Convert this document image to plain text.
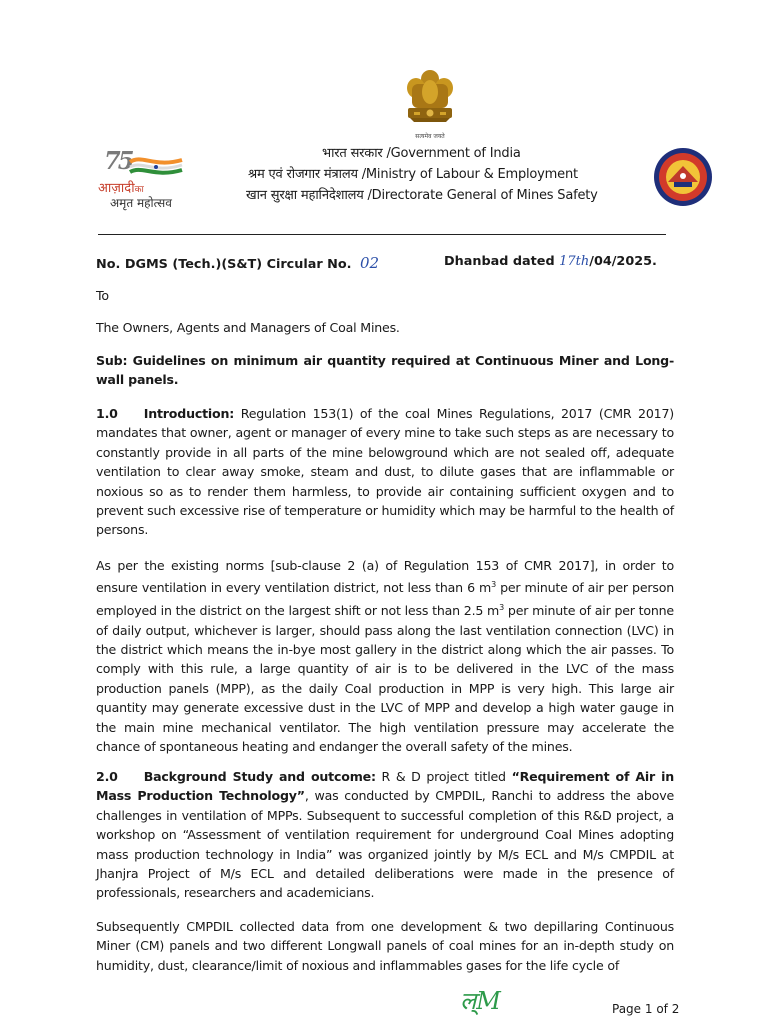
सत्यमेव जयते
75
आज़ादीका
अमृत महोत्सव
भारत सरकार /Government of India
श्रम एवं रोजगार मंत्रालय /Ministry of Labour & Employment
खान सुरक्षा महानिदेशालय /Directorate General of Mines Safety
No. DGMS (Tech.)(S&T) Circular No. 02	Dhanbad dated 17th/04/2025.
To
The Owners, Agents and Managers of Coal Mines.
Sub: Guidelines on minimum air quantity required at Continuous Miner and Long-wall panels.
1.0 Introduction: Regulation 153(1) of the coal Mines Regulations, 2017 (CMR 2017) mandates that owner, agent or manager of every mine to take such steps as are necessary to constantly provide in all parts of the mine belowground which are not sealed off, adequate ventilation to clear away smoke, steam and dust, to dilute gases that are inflammable or noxious so as to render them harmless, to provide air containing sufficient oxygen and to prevent such excessive rise of temperature or humidity which may be harmful to the health of persons.
As per the existing norms [sub-clause 2 (a) of Regulation 153 of CMR 2017], in order to ensure ventilation in every ventilation district, not less than 6 $m^3$ per minute of air per person employed in the district on the largest shift or not less than 2.5 $m^3$ per minute of air per tonne of daily output, whichever is larger, should pass along the last ventilation connection (LVC) in the district which means the in-bye most gallery in the district along which the air passes. To comply with this rule, a large quantity of air is to be delivered in the LVC of the mass production panels (MPP), as the daily Coal production in MPP is very high. This large air quantity may generate excessive dust in the LVC of MPP and develop a high water gauge in the main mine mechanical ventilator. The high ventilation pressure may accelerate the chance of spontaneous heating and endanger the overall safety of the mines.
2.0 Background Study and outcome: R & D project titled “Requirement of Air in Mass Production Technology”, was conducted by CMPDIL, Ranchi to address the above challenges in ventilation of MPPs. Subsequent to successful completion of this R&D project, a workshop on “Assessment of ventilation requirement for underground Coal Mines adopting mass production technology in India” was organized jointly by M/s ECL and M/s CMPDIL at Jhanjra Project of M/s ECL and detailed deliberations were made in the presence of professionals, researchers and academicians.
Subsequently CMPDIL collected data from one development & two depillaring Continuous Miner (CM) panels and two different Longwall panels of coal mines for an in-depth study on humidity, dust, clearance/limit of noxious and inflammables gases for the life cycle of
ल्M	Page 1 of 2
